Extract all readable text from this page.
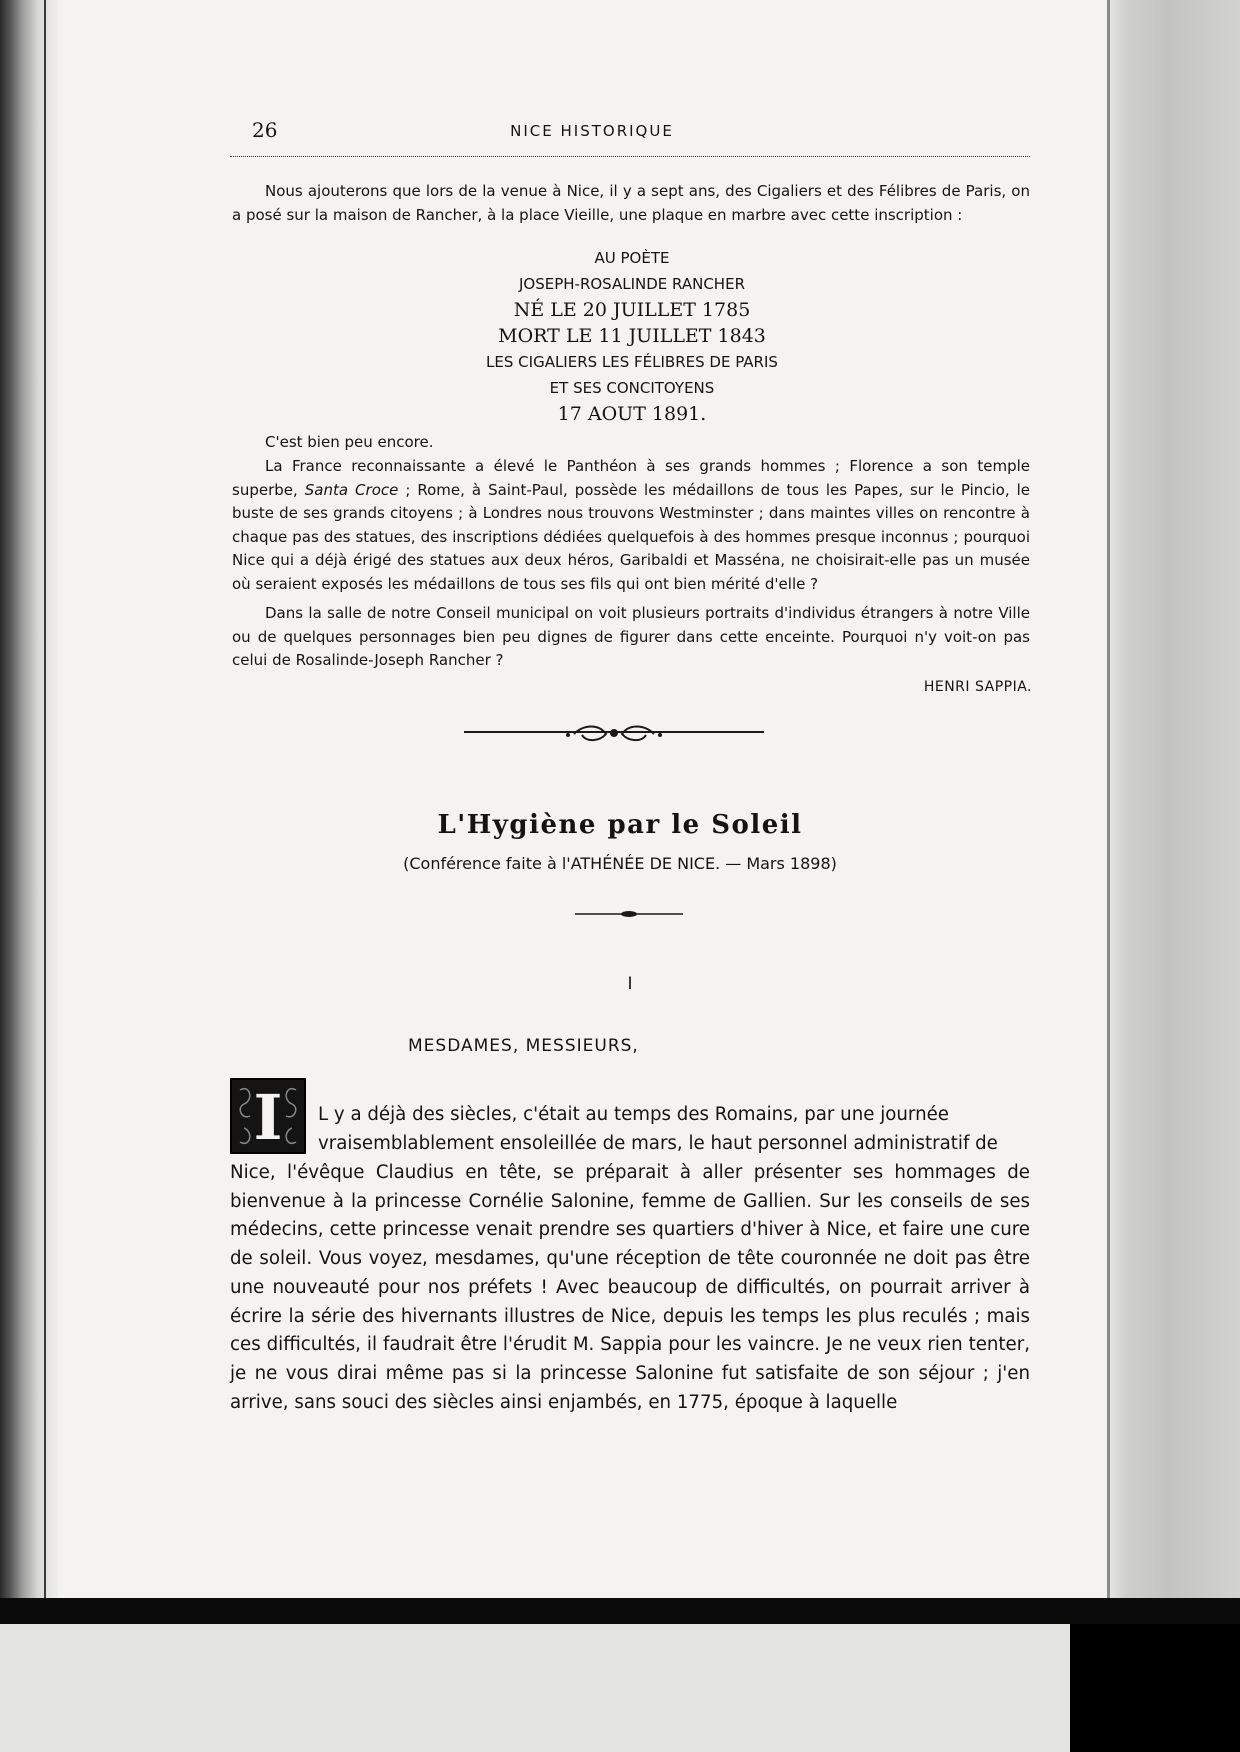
26	NICE HISTORIQUE

Nous ajouterons que lors de la venue à Nice, il y a sept ans, des Cigaliers et des Félibres de Paris, on a posé sur la maison de Rancher, à la place Vieille, une plaque en marbre avec cette inscription :

AU POÈTE
JOSEPH-ROSALINDE RANCHER
NÉ LE 20 JUILLET 1785
MORT LE 11 JUILLET 1843
LES CIGALIERS LES FÉLIBRES DE PARIS
ET SES CONCITOYENS
17 AOUT 1891.

C'est bien peu encore.

La France reconnaissante a élevé le Panthéon à ses grands hommes ; Florence a son temple superbe, Santa Croce ; Rome, à Saint-Paul, possède les médaillons de tous les Papes, sur le Pincio, le buste de ses grands citoyens ; à Londres nous trouvons Westminster ; dans maintes villes on rencontre à chaque pas des statues, des inscriptions dédiées quelquefois à des hommes presque inconnus ; pourquoi Nice qui a déjà érigé des statues aux deux héros, Garibaldi et Masséna, ne choisirait-elle pas un musée où seraient exposés les médaillons de tous ses fils qui ont bien mérité d'elle ?

Dans la salle de notre Conseil municipal on voit plusieurs portraits d'individus étrangers à notre Ville ou de quelques personnages bien peu dignes de figurer dans cette enceinte. Pourquoi n'y voit-on pas celui de Rosalinde-Joseph Rancher ?

HENRI SAPPIA.
L'Hygiène par le Soleil
(Conférence faite à l'ATHÉNÉE DE NICE. — Mars 1898)
I
MESDAMES, MESSIEURS,
I	L y a déjà des siècles, c'était au temps des Romains, par une journée

vraisemblablement ensoleillée de mars, le haut personnel administratif de

Nice, l'évêque Claudius en tête, se préparait à aller présenter ses hommages de bienvenue à la princesse Cornélie Salonine, femme de Gallien. Sur les conseils de ses médecins, cette princesse venait prendre ses quartiers d'hiver à Nice, et faire une cure de soleil. Vous voyez, mesdames, qu'une réception de tête couronnée ne doit pas être une nouveauté pour nos préfets ! Avec beaucoup de difficultés, on pourrait arriver à écrire la série des hivernants illustres de Nice, depuis les temps les plus reculés ; mais ces difficultés, il faudrait être l'érudit M. Sappia pour les vaincre. Je ne veux rien tenter, je ne vous dirai même pas si la princesse Salonine fut satisfaite de son séjour ; j'en arrive, sans souci des siècles ainsi enjambés, en 1775, époque à laquelle
